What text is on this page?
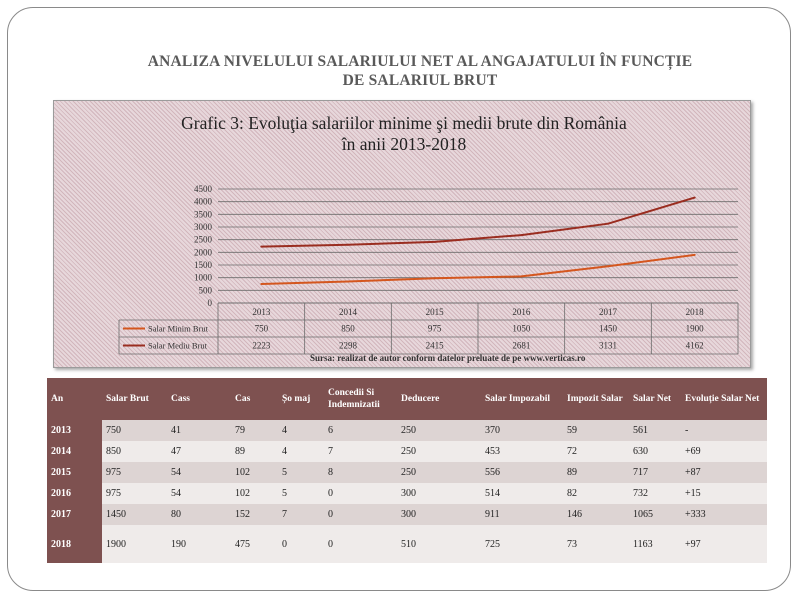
ANALIZA NIVELULUI SALARIULUI NET AL ANGAJATULUI ÎN FUNCȚIE DE SALARIUL BRUT
Grafic 3: Evoluţia salariilor minime şi medii brute din România
în anii 2013-2018
0
500
1000
1500
2000
2500
3000
3500
4000
4500
2013	2014	2015	2016	2017	2018
Salar Minim Brut	750	850	975	1050	1450	1900
Salar Mediu Brut	2223	2298	2415	2681	3131	4162
Sursa: realizat de autor conform datelor preluate de pe www.verticas.ro
An	Salar Brut	Cass	Cas	Șo maj	Concedii Si Indemnizatii	Deducere	Salar Impozabil	Impozit Salar	Salar Net	Evoluție Salar Net
2013	750	41	79	4	6	250	370	59	561	-
2014	850	47	89	4	7	250	453	72	630	+69
2015	975	54	102	5	8	250	556	89	717	+87
2016	975	54	102	5	0	300	514	82	732	+15
2017	1450	80	152	7	0	300	911	146	1065	+333
2018	1900	190	475	0	0	510	725	73	1163	+97
